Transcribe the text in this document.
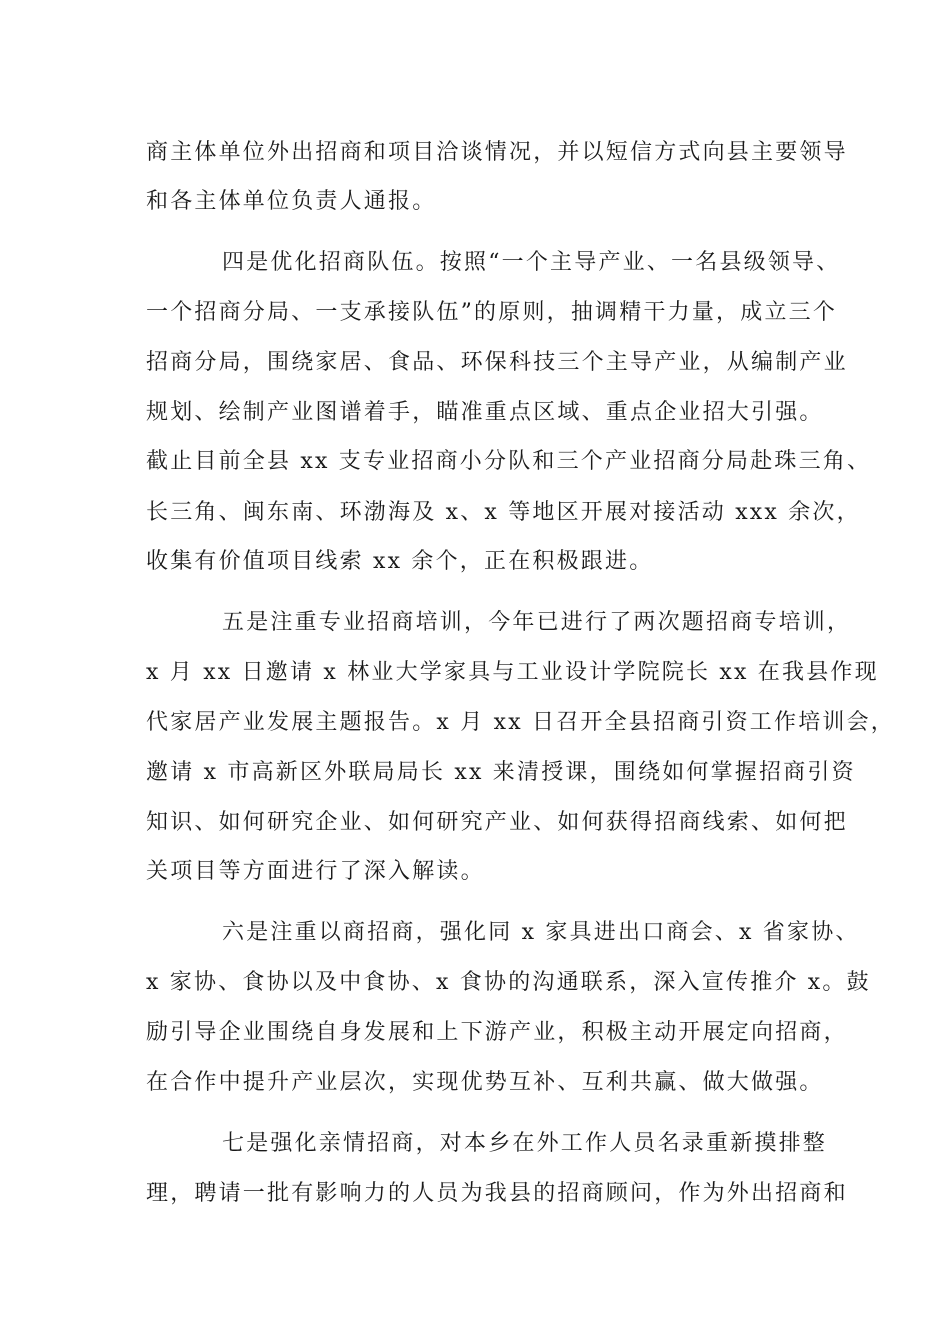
商主体单位外出招商和项目洽谈情况，并以短信方式向县主要领导
和各主体单位负责人通报。
四是优化招商队伍。按照“一个主导产业、一名县级领导、
一个招商分局、一支承接队伍”的原则，抽调精干力量，成立三个
招商分局，围绕家居、食品、环保科技三个主导产业，从编制产业
规划、绘制产业图谱着手，瞄准重点区域、重点企业招大引强。
截止目前全县 xx 支专业招商小分队和三个产业招商分局赴珠三角、
长三角、闽东南、环渤海及 x、x 等地区开展对接活动 xxx 余次，
收集有价值项目线索 xx 余个，正在积极跟进。
五是注重专业招商培训，今年已进行了两次题招商专培训，
x 月 xx 日邀请 x 林业大学家具与工业设计学院院长 xx 在我县作现
代家居产业发展主题报告。x 月 xx 日召开全县招商引资工作培训会，
邀请 x 市高新区外联局局长 xx 来清授课，围绕如何掌握招商引资
知识、如何研究企业、如何研究产业、如何获得招商线索、如何把
关项目等方面进行了深入解读。
六是注重以商招商，强化同 x 家具进出口商会、x 省家协、
x 家协、食协以及中食协、x 食协的沟通联系，深入宣传推介 x。鼓
励引导企业围绕自身发展和上下游产业，积极主动开展定向招商，
在合作中提升产业层次，实现优势互补、互利共赢、做大做强。
七是强化亲情招商，对本乡在外工作人员名录重新摸排整
理，聘请一批有影响力的人员为我县的招商顾问，作为外出招商和
